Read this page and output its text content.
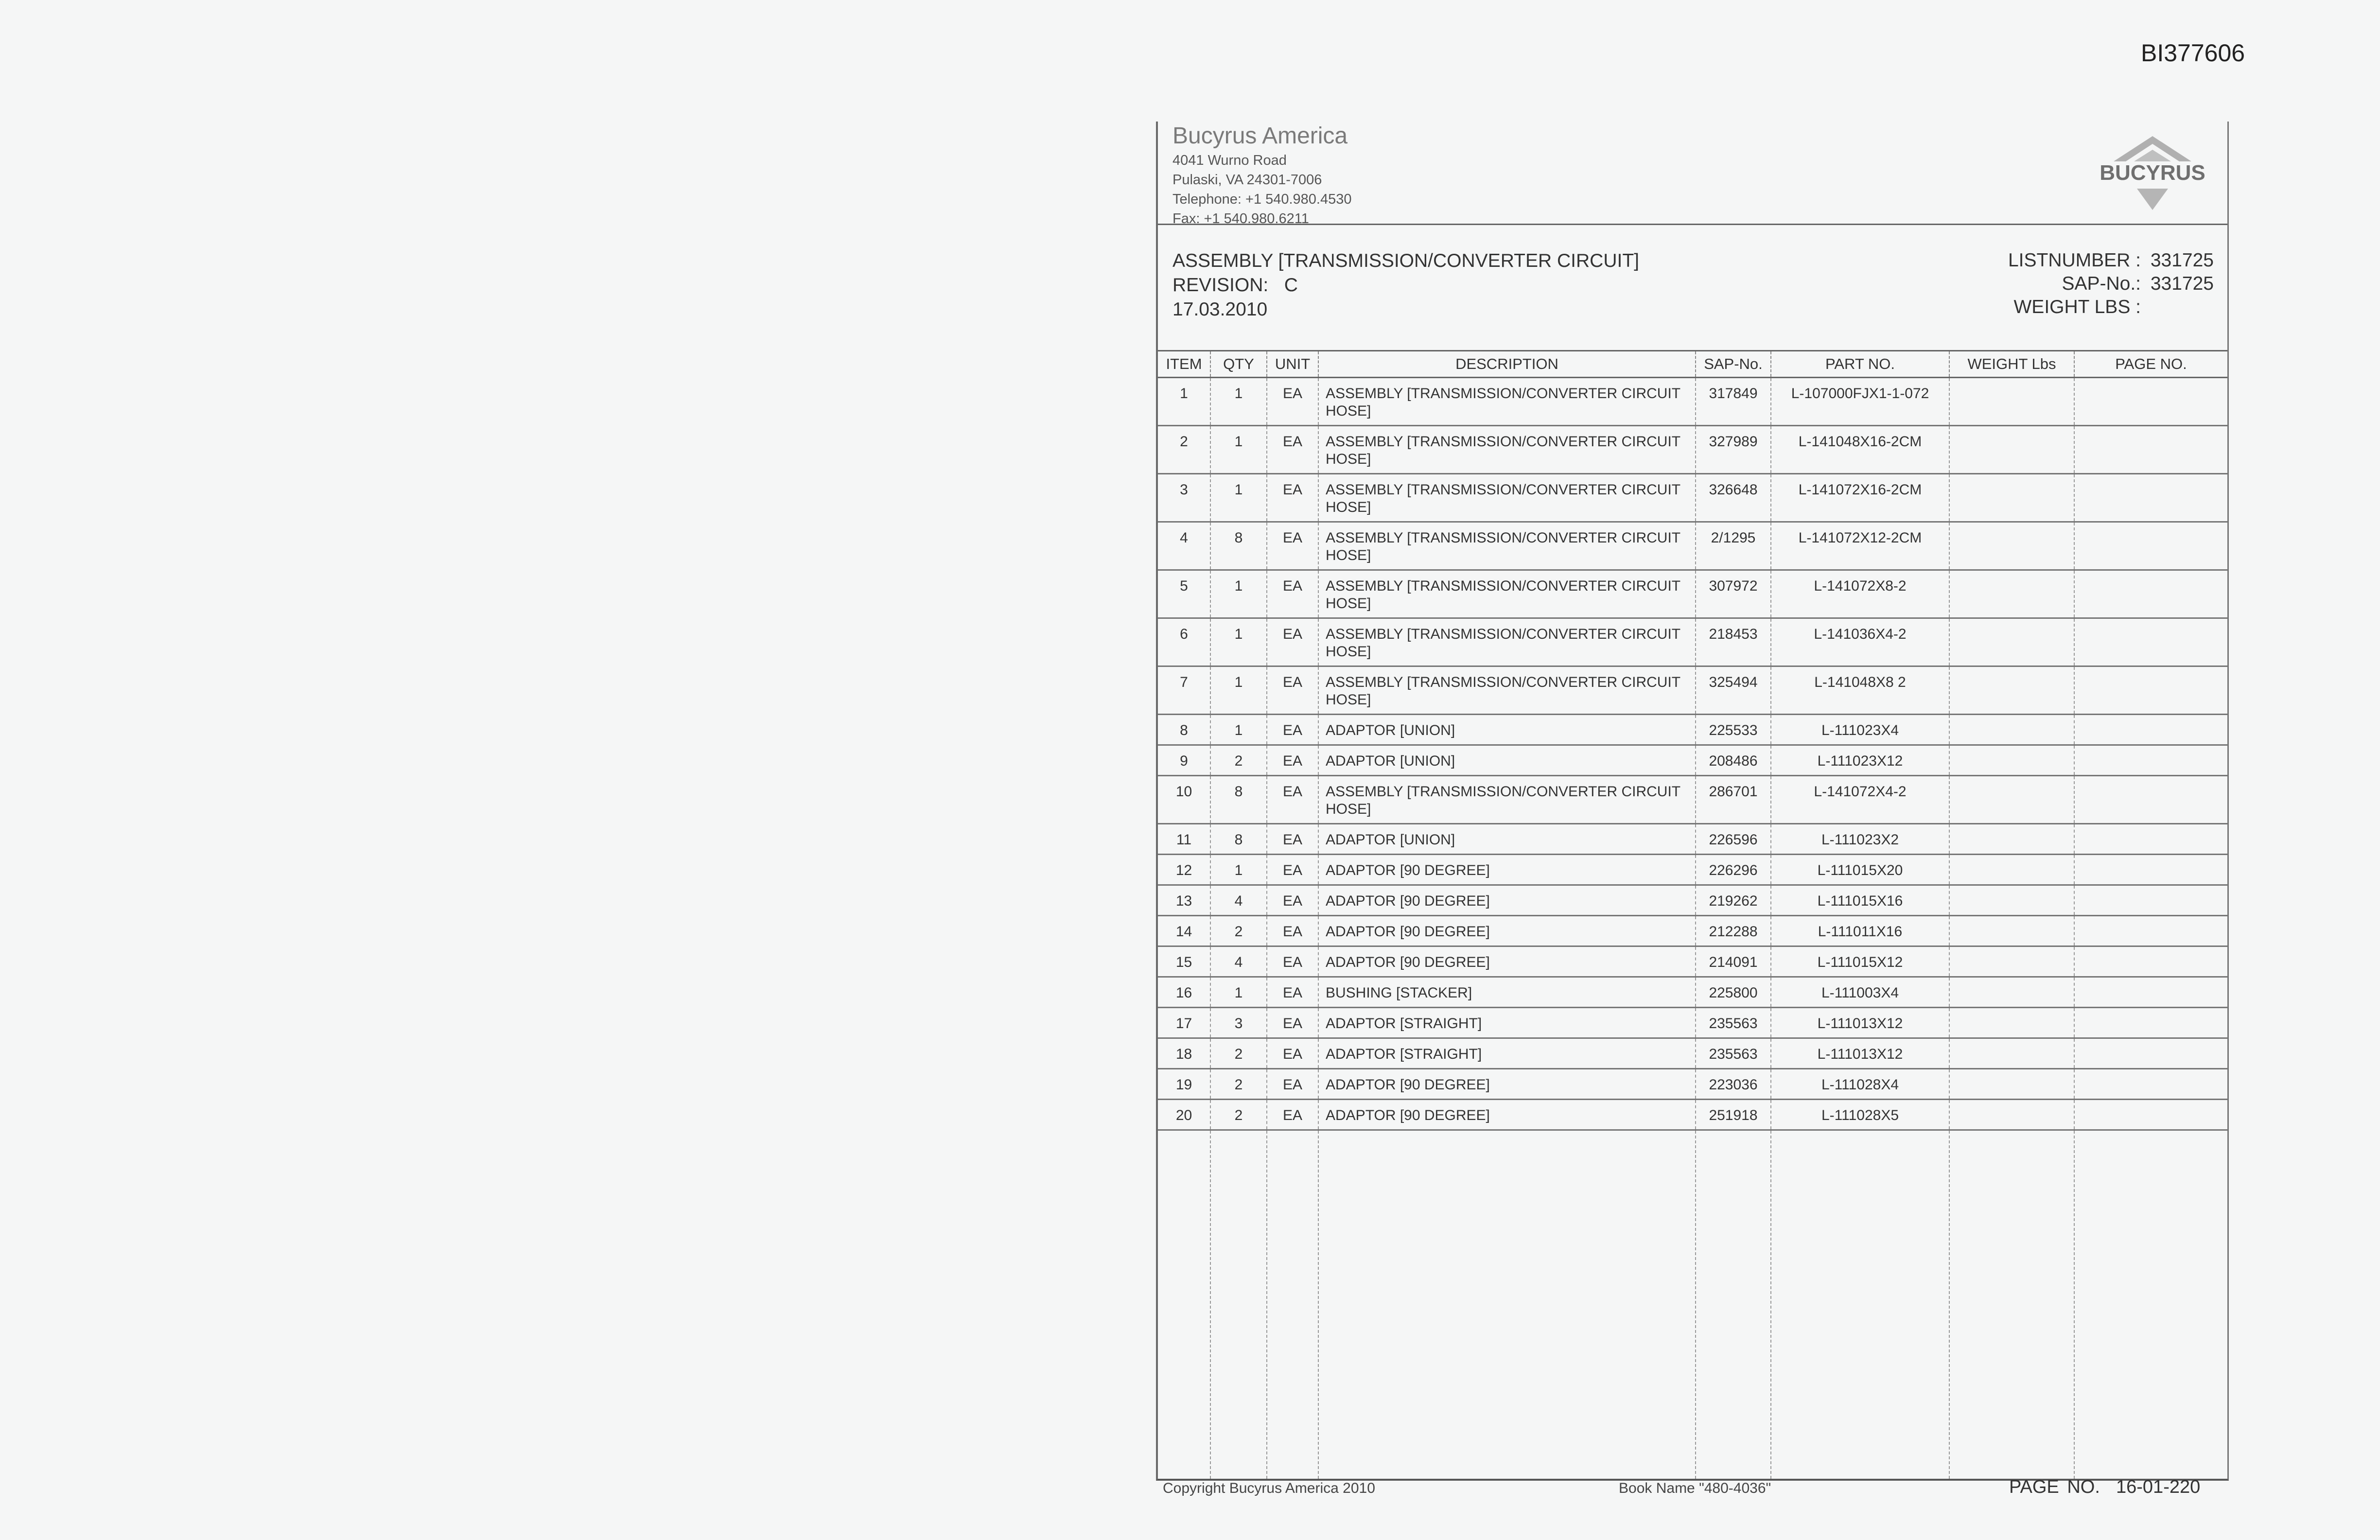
BI377606
Bucyrus America
4041 Wurno Road
Pulaski, VA 24301-7006
Telephone: +1 540.980.4530
Fax: +1 540.980.6211
BUCYRUS
ASSEMBLY [TRANSMISSION/CONVERTER CIRCUIT]
REVISION:   C
17.03.2010
LISTNUMBER : 331725
SAP-No.: 331725
WEIGHT LBS :
ITEM	QTY	UNIT	DESCRIPTION	SAP-No.	PART NO.	WEIGHT Lbs	PAGE NO.
1	1	EA	ASSEMBLY [TRANSMISSION/CONVERTER CIRCUIT HOSE]	317849	L-107000FJX1-1-072		
2	1	EA	ASSEMBLY [TRANSMISSION/CONVERTER CIRCUIT HOSE]	327989	L-141048X16-2CM		
3	1	EA	ASSEMBLY [TRANSMISSION/CONVERTER CIRCUIT HOSE]	326648	L-141072X16-2CM		
4	8	EA	ASSEMBLY [TRANSMISSION/CONVERTER CIRCUIT HOSE]	2/1295	L-141072X12-2CM		
5	1	EA	ASSEMBLY [TRANSMISSION/CONVERTER CIRCUIT HOSE]	307972	L-141072X8-2		
6	1	EA	ASSEMBLY [TRANSMISSION/CONVERTER CIRCUIT HOSE]	218453	L-141036X4-2		
7	1	EA	ASSEMBLY [TRANSMISSION/CONVERTER CIRCUIT HOSE]	325494	L-141048X8 2		
8	1	EA	ADAPTOR [UNION]	225533	L-111023X4		
9	2	EA	ADAPTOR [UNION]	208486	L-111023X12		
10	8	EA	ASSEMBLY [TRANSMISSION/CONVERTER CIRCUIT HOSE]	286701	L-141072X4-2		
11	8	EA	ADAPTOR [UNION]	226596	L-111023X2		
12	1	EA	ADAPTOR [90 DEGREE]	226296	L-111015X20		
13	4	EA	ADAPTOR [90 DEGREE]	219262	L-111015X16		
14	2	EA	ADAPTOR [90 DEGREE]	212288	L-111011X16		
15	4	EA	ADAPTOR [90 DEGREE]	214091	L-111015X12		
16	1	EA	BUSHING [STACKER]	225800	L-111003X4		
17	3	EA	ADAPTOR [STRAIGHT]	235563	L-111013X12		
18	2	EA	ADAPTOR [STRAIGHT]	235563	L-111013X12		
19	2	EA	ADAPTOR [90 DEGREE]	223036	L-111028X4		
20	2	EA	ADAPTOR [90 DEGREE]	251918	L-111028X5		

Copyright Bucyrus America 2010	Book Name "480-4036"	PAGE NO.  16-01-220
